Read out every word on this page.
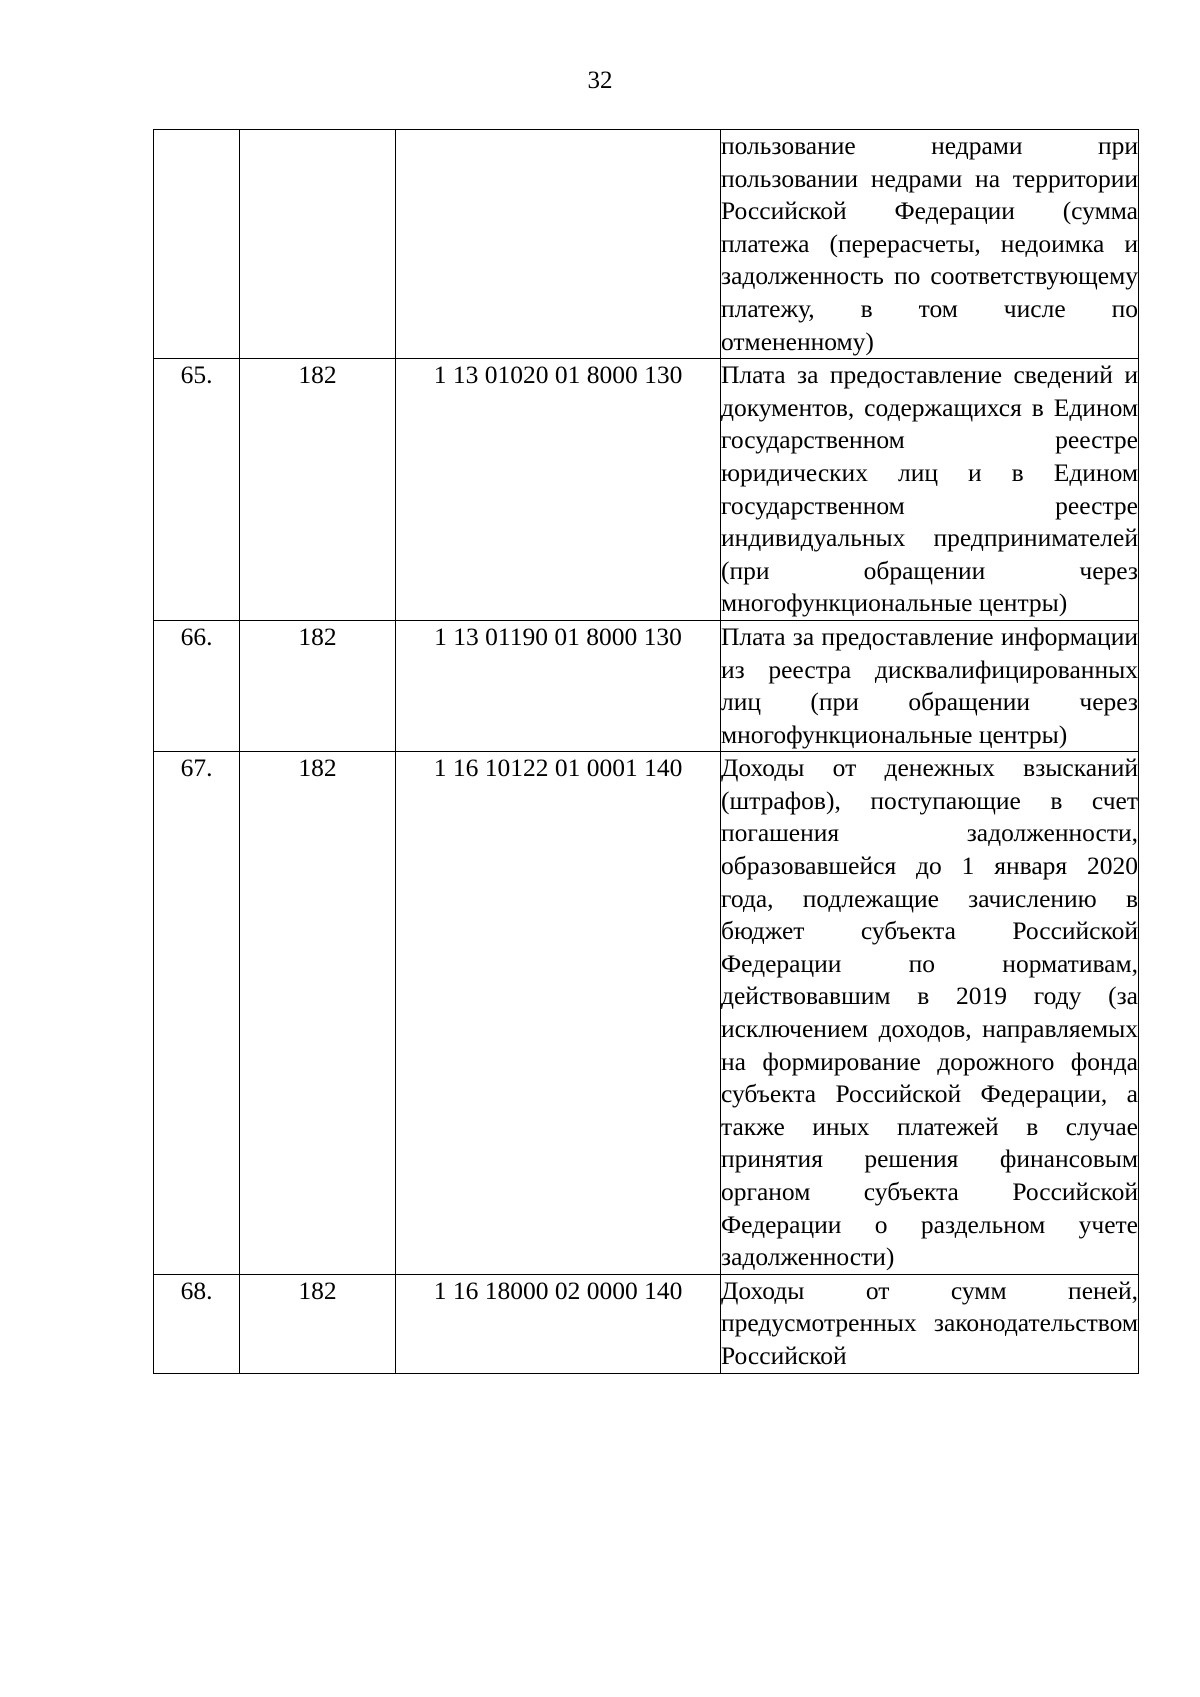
32
			пользование недрами при пользовании недрами на территории Российской Федерации (сумма платежа (перерасчеты, недоимка и задолженность по соответствующему платежу, в том числе по отмененному)
65.	182	1 13 01020 01 8000 130	Плата за предоставление сведений и документов, содержащихся в Едином государственном реестре юридических лиц и в Едином государственном реестре индивидуальных предпринимателей (при обращении через многофункциональные центры)
66.	182	1 13 01190 01 8000 130	Плата за предоставление информации из реестра дисквалифицированных лиц (при обращении через многофункциональные центры)
67.	182	1 16 10122 01 0001 140	Доходы от денежных взысканий (штрафов), поступающие в счет погашения задолженности, образовавшейся до 1 января 2020 года, подлежащие зачислению в бюджет субъекта Российской Федерации по нормативам, действовавшим в 2019 году (за исключением доходов, направляемых на формирование дорожного фонда субъекта Российской Федерации, а также иных платежей в случае принятия решения финансовым органом субъекта Российской Федерации о раздельном учете задолженности)
68.	182	1 16 18000 02 0000 140	Доходы от сумм пеней, предусмотренных законодательством Российской
